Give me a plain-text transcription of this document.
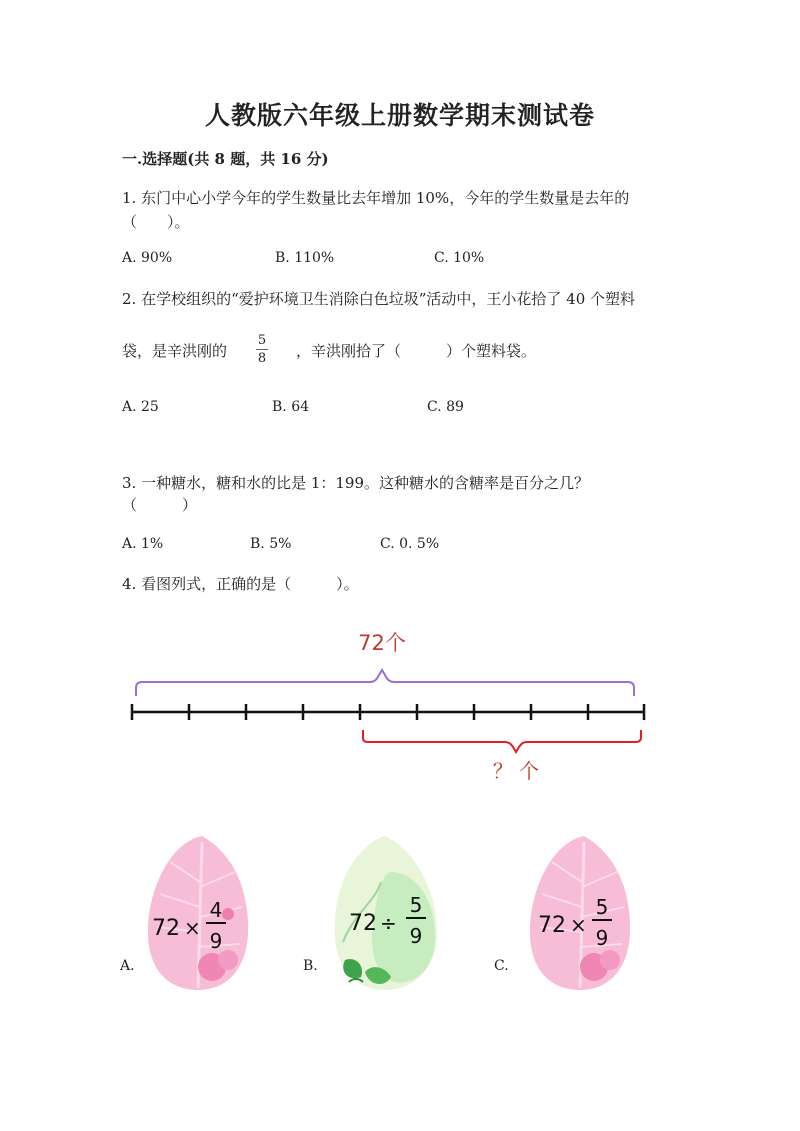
人教版六年级上册数学期末测试卷
一.选择题(共 8 题，共 16 分)
1. 东门中心小学今年的学生数量比去年增加 10%，今年的学生数量是去年的
（　　）。
A. 90%	B. 110%	C. 10%
2. 在学校组织的“爱护环境卫生消除白色垃圾”活动中，王小花拾了 40 个塑料
袋，是辛洪刚的
5
8 ，辛洪刚拾了（　　　）个塑料袋。
A. 25	B. 64	C. 89
3. 一种糖水，糖和水的比是 1：199。这种糖水的含糖率是百分之几？
（　　　）
A. 1%	B. 5%	C. 0. 5%
4. 看图列式，正确的是（　　　）。
72个
？ 个
A.
72 ×
4
9
B.
72 ÷
5
9
C.
72 ×
5
9
